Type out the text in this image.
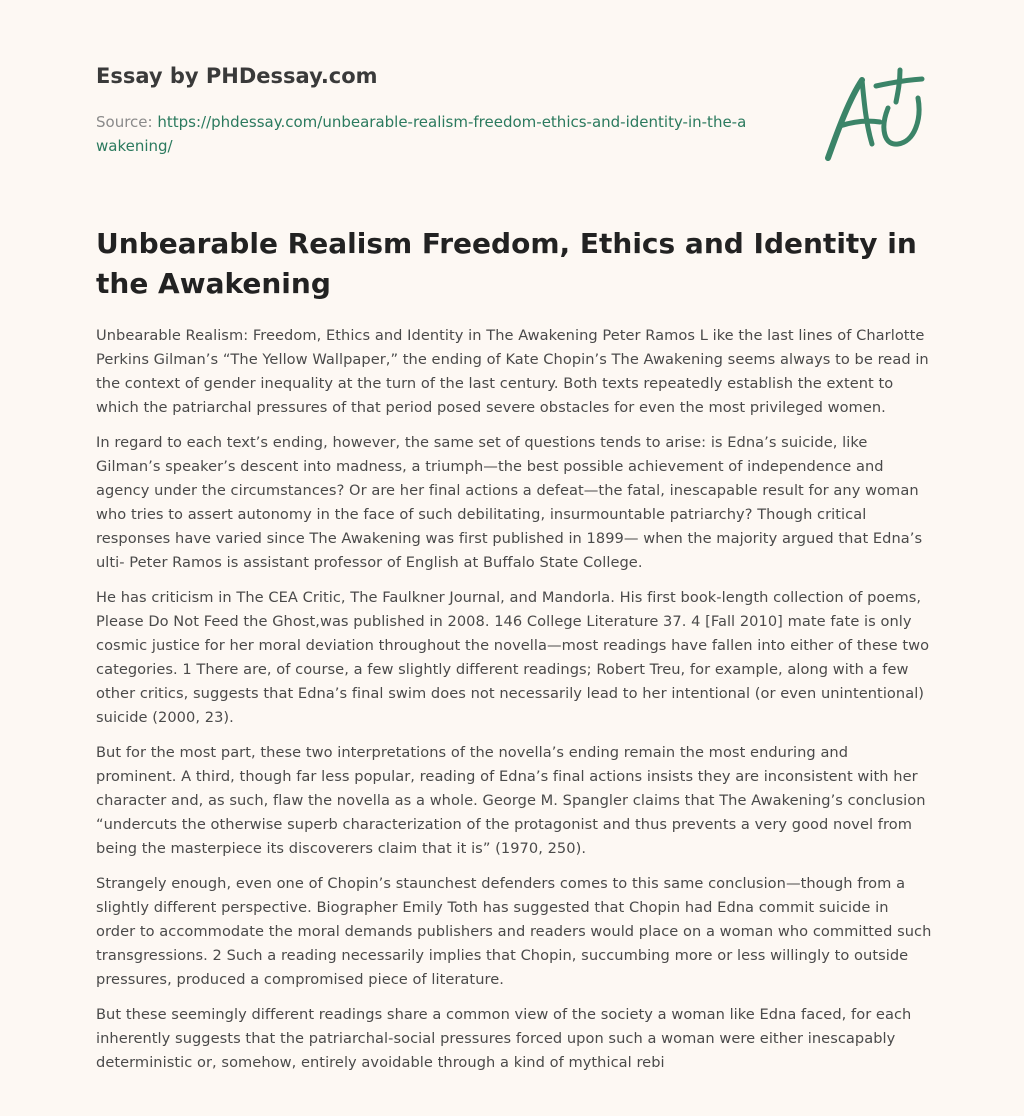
Essay by PHDessay.com
Source: https://phdessay.com/unbearable-realism-freedom-ethics-and-identity-in-the-awakening/
Unbearable Realism Freedom, Ethics and Identity in the Awakening

Unbearable Realism: Freedom, Ethics and Identity in The Awakening Peter Ramos L ike the last lines of Charlotte Perkins Gilman’s “The Yellow Wallpaper,” the ending of Kate Chopin’s The Awakening seems always to be read in the context of gender inequality at the turn of the last century. Both texts repeatedly establish the extent to which the patriarchal pressures of that period posed severe obstacles for even the most privileged women.

In regard to each text’s ending, however, the same set of questions tends to arise: is Edna’s suicide, like Gilman’s speaker’s descent into madness, a triumph—the best possible achievement of independence and agency under the circumstances? Or are her final actions a defeat—the fatal, inescapable result for any woman who tries to assert autonomy in the face of such debilitating, insurmountable patriarchy? Though critical responses have varied since The Awakening was first published in 1899— when the majority argued that Edna’s ulti- Peter Ramos is assistant professor of English at Buffalo State College.

He has criticism in The CEA Critic, The Faulkner Journal, and Mandorla. His first book-length collection of poems, Please Do Not Feed the Ghost,was published in 2008. 146 College Literature 37. 4 [Fall 2010] mate fate is only cosmic justice for her moral deviation throughout the novella—most readings have fallen into either of these two categories. 1 There are, of course, a few slightly different readings; Robert Treu, for example, along with a few other critics, suggests that Edna’s final swim does not necessarily lead to her intentional (or even unintentional) suicide (2000, 23).

But for the most part, these two interpretations of the novella’s ending remain the most enduring and prominent. A third, though far less popular, reading of Edna’s final actions insists they are inconsistent with her character and, as such, flaw the novella as a whole. George M. Spangler claims that The Awakening’s conclusion “undercuts the otherwise superb characterization of the protagonist and thus prevents a very good novel from being the masterpiece its discoverers claim that it is” (1970, 250).

Strangely enough, even one of Chopin’s staunchest defenders comes to this same conclusion—though from a slightly different perspective. Biographer Emily Toth has suggested that Chopin had Edna commit suicide in order to accommodate the moral demands publishers and readers would place on a woman who committed such transgressions. 2 Such a reading necessarily implies that Chopin, succumbing more or less willingly to outside pressures, produced a compromised piece of literature.

But these seemingly different readings share a common view of the society a woman like Edna faced, for each inherently suggests that the patriarchal-social pressures forced upon such a woman were either inescapably deterministic or, somehow, entirely avoidable through a kind of mythical rebi
